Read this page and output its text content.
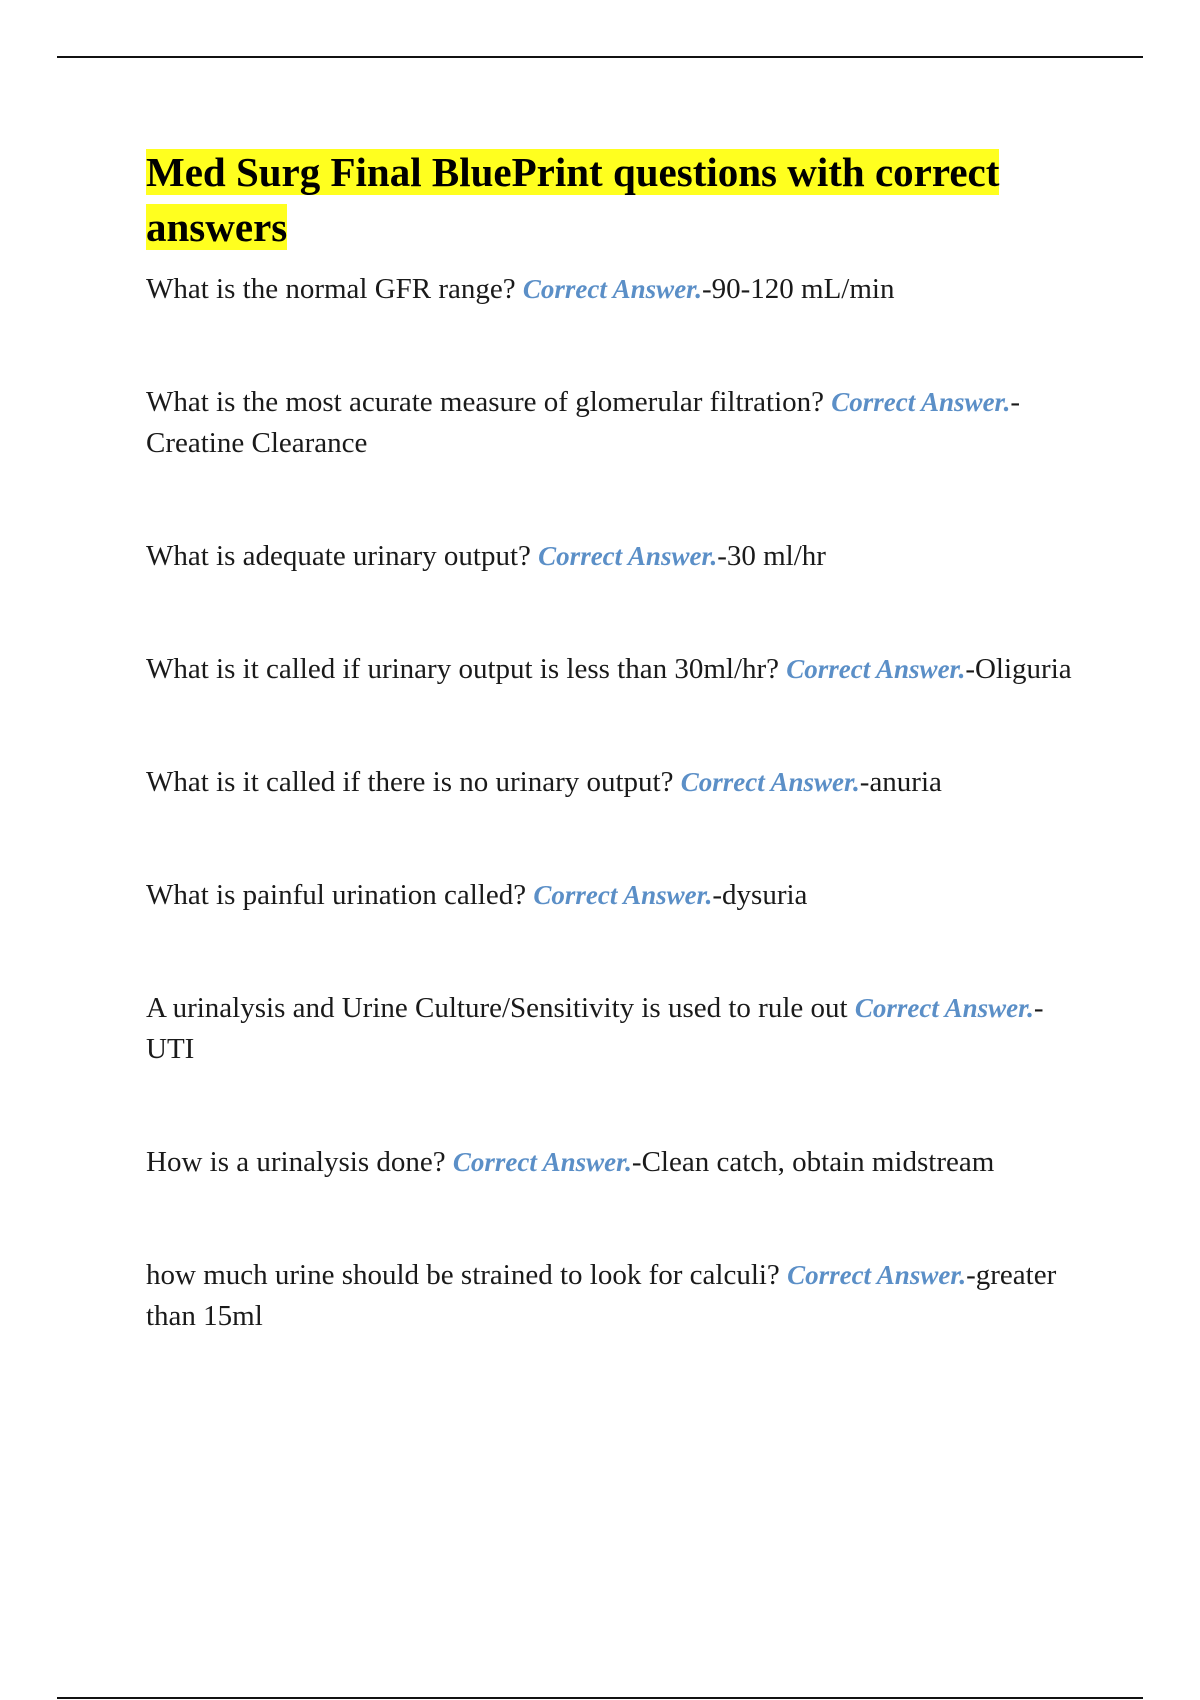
Med Surg Final BluePrint questions with correct answers

What is the normal GFR range? Correct Answer.-90-120 mL/min

What is the most acurate measure of glomerular filtration? Correct Answer.-Creatine Clearance

What is adequate urinary output? Correct Answer.-30 ml/hr

What is it called if urinary output is less than 30ml/hr? Correct Answer.-Oliguria

What is it called if there is no urinary output? Correct Answer.-anuria

What is painful urination called? Correct Answer.-dysuria

A urinalysis and Urine Culture/Sensitivity is used to rule out Correct Answer.-UTI

How is a urinalysis done? Correct Answer.-Clean catch, obtain midstream

how much urine should be strained to look for calculi? Correct Answer.-greater than 15ml
